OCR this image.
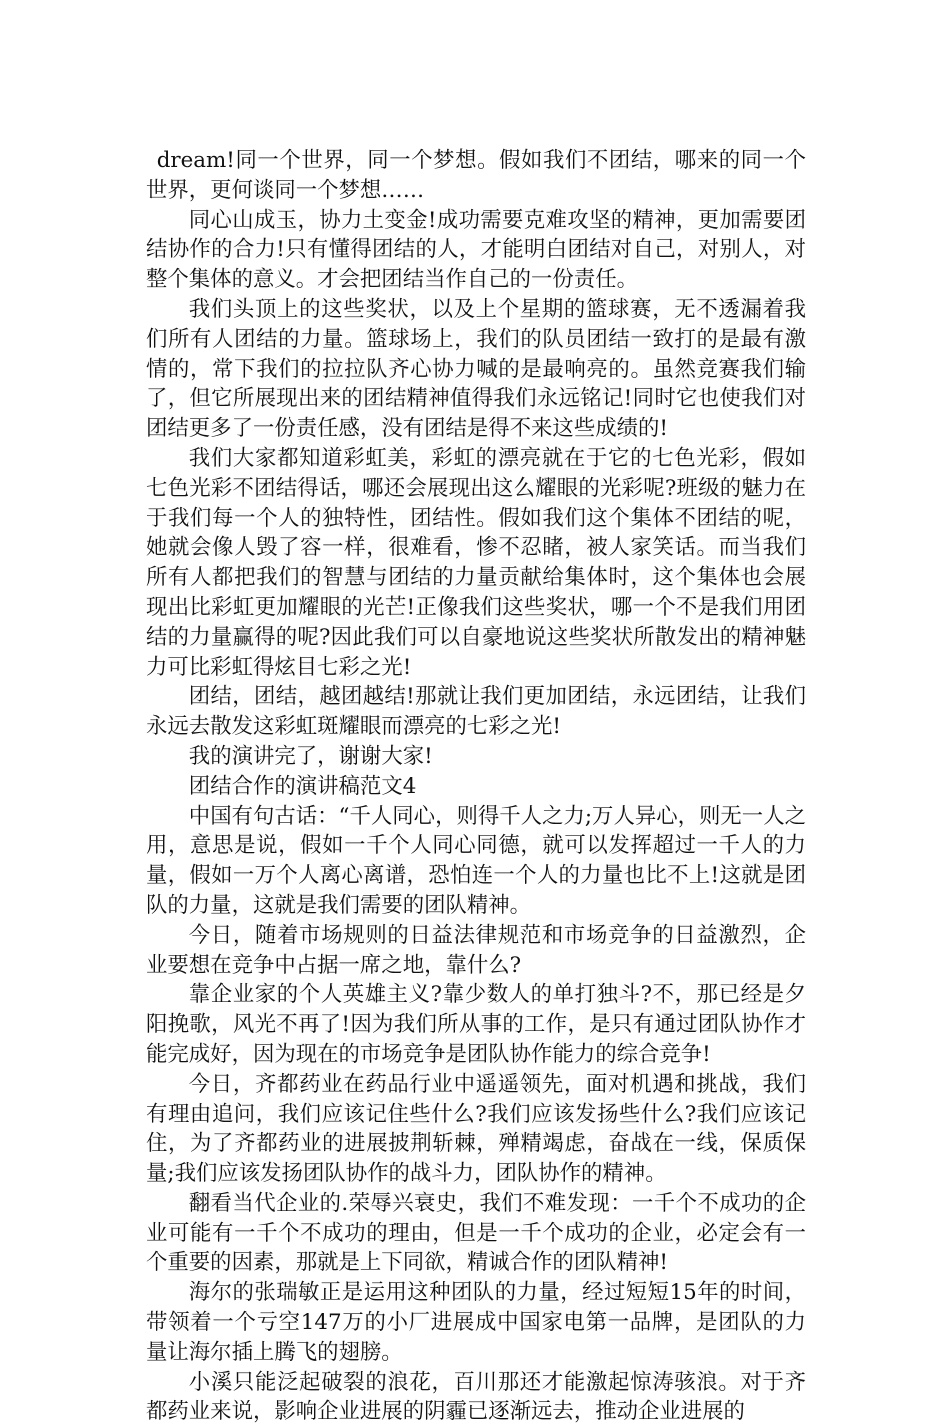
dream!同一个世界，同一个梦想。假如我们不团结，哪来的同一个世界，更何谈同一个梦想……

同心山成玉，协力土变金!成功需要克难攻坚的精神，更加需要团结协作的合力!只有懂得团结的人，才能明白团结对自己，对别人，对整个集体的意义。才会把团结当作自己的一份责任。

我们头顶上的这些奖状，以及上个星期的篮球赛，无不透漏着我们所有人团结的力量。篮球场上，我们的队员团结一致打的是最有激情的，常下我们的拉拉队齐心协力喊的是最响亮的。虽然竞赛我们输了，但它所展现出来的团结精神值得我们永远铭记!同时它也使我们对团结更多了一份责任感，没有团结是得不来这些成绩的!

我们大家都知道彩虹美，彩虹的漂亮就在于它的七色光彩，假如七色光彩不团结得话，哪还会展现出这么耀眼的光彩呢?班级的魅力在于我们每一个人的独特性，团结性。假如我们这个集体不团结的呢，她就会像人毁了容一样，很难看，惨不忍睹，被人家笑话。而当我们所有人都把我们的智慧与团结的力量贡献给集体时，这个集体也会展现出比彩虹更加耀眼的光芒!正像我们这些奖状，哪一个不是我们用团结的力量赢得的呢?因此我们可以自豪地说这些奖状所散发出的精神魅力可比彩虹得炫目七彩之光!

团结，团结，越团越结!那就让我们更加团结，永远团结，让我们永远去散发这彩虹斑耀眼而漂亮的七彩之光!

我的演讲完了，谢谢大家!

团结合作的演讲稿范文4

中国有句古话：“千人同心，则得千人之力;万人异心，则无一人之用，意思是说，假如一千个人同心同德，就可以发挥超过一千人的力量，假如一万个人离心离谱，恐怕连一个人的力量也比不上!这就是团队的力量，这就是我们需要的团队精神。

今日，随着市场规则的日益法律规范和市场竞争的日益激烈，企业要想在竞争中占据一席之地，靠什么?

靠企业家的个人英雄主义?靠少数人的单打独斗?不，那已经是夕阳挽歌，风光不再了!因为我们所从事的工作，是只有通过团队协作才能完成好，因为现在的市场竞争是团队协作能力的综合竞争!

今日，齐都药业在药品行业中遥遥领先，面对机遇和挑战，我们有理由追问，我们应该记住些什么?我们应该发扬些什么?我们应该记住，为了齐都药业的进展披荆斩棘，殚精竭虑，奋战在一线，保质保量;我们应该发扬团队协作的战斗力，团队协作的精神。

翻看当代企业的.荣辱兴衰史，我们不难发现：一千个不成功的企业可能有一千个不成功的理由，但是一千个成功的企业，必定会有一个重要的因素，那就是上下同欲，精诚合作的团队精神!

海尔的张瑞敏正是运用这种团队的力量，经过短短15年的时间，带领着一个亏空147万的小厂进展成中国家电第一品牌，是团队的力量让海尔插上腾飞的翅膀。

小溪只能泛起破裂的浪花，百川那还才能激起惊涛骇浪。对于齐都药业来说，影响企业进展的阴霾已逐渐远去，推动企业进展的
